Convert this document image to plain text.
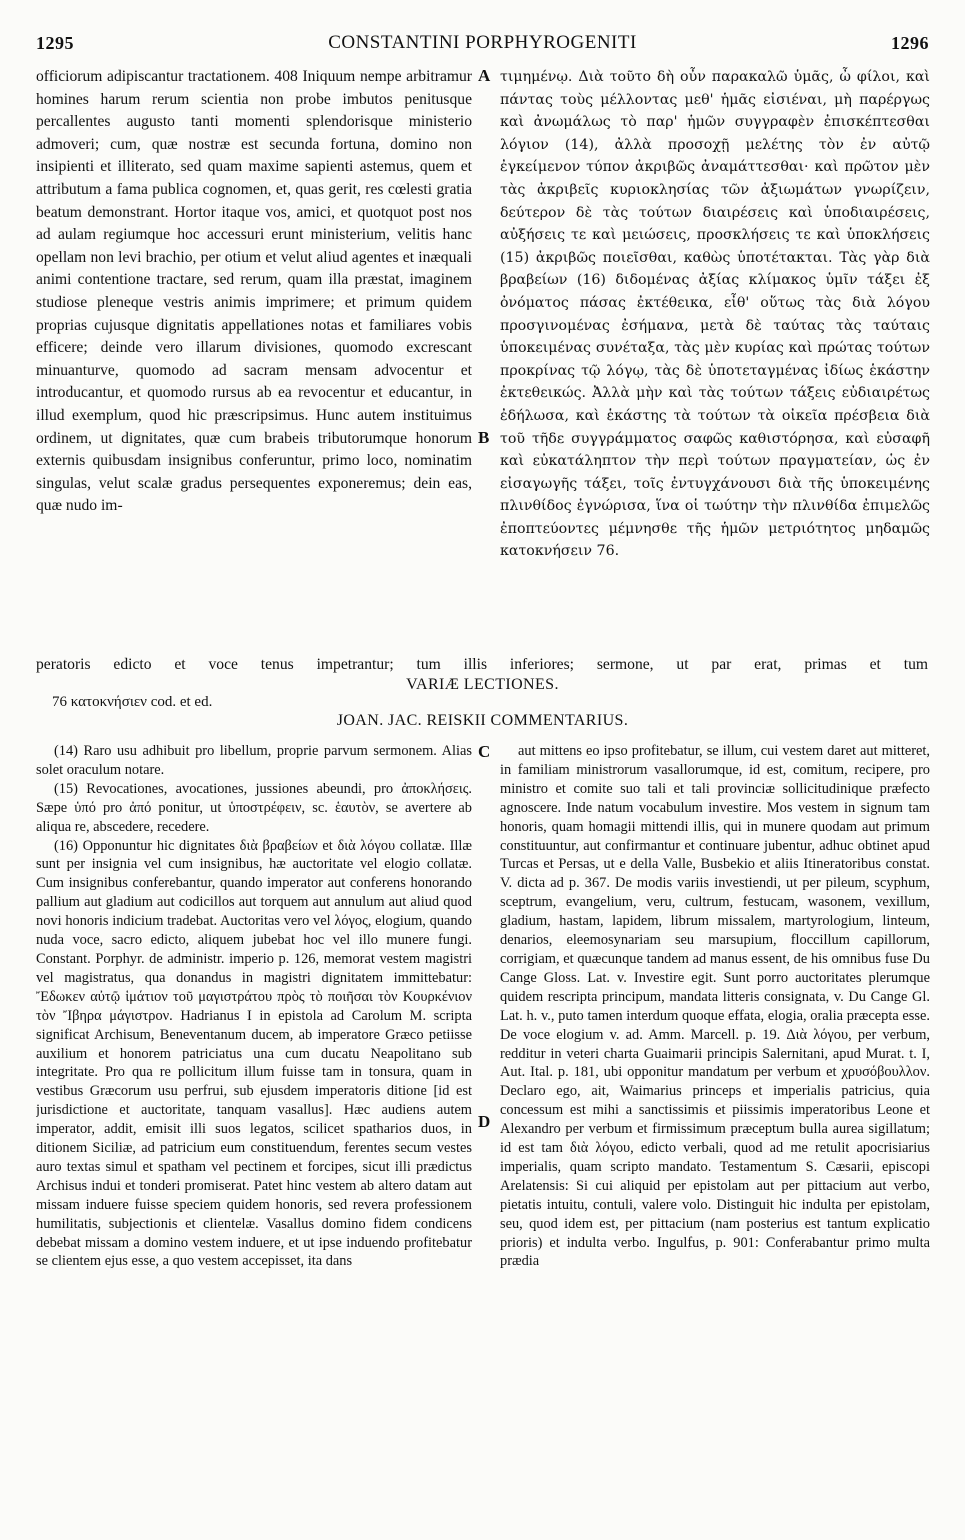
1295	CONSTANTINI PORPHYROGENITI	1296

officiorum adipiscantur tractationem. 408 Iniquum nempe arbitramur homines harum rerum scientia non probe imbutos penitusque percallentes augusto tanti momenti splendorisque ministerio admoveri; cum, quæ nostræ est secunda fortuna, domino non insipienti et illiterato, sed quam maxime sapienti astemus, quem et attributum a fama publica cognomen, et, quas gerit, res cœlesti gratia beatum demonstrant. Hortor itaque vos, amici, et quotquot post nos ad aulam regiumque hoc accessuri erunt ministerium, velitis hanc opellam non levi brachio, per otium et velut aliud agentes et inæquali animi contentione tractare, sed rerum, quam illa præstat, imaginem studiose pleneque vestris animis imprimere; et primum quidem proprias cujusque dignitatis appellationes notas et familiares vobis efficere; deinde vero illarum divisiones, quomodo excrescant minuanturve, quomodo ad sacram mensam advocentur et introducantur, et quomodo rursus ab ea revocentur et educantur, in illud exemplum, quod hic præscripsimus. Hunc autem instituimus ordinem, ut dignitates, quæ cum brabeis tributorumque honorum externis quibusdam insignibus conferuntur, primo loco, nominatim singulas, velut scalæ gradus persequentes exponeremus; dein eas, quæ nudo im-

A
B

τιμημένῳ. Διὰ τοῦτο δὴ οὖν παρακαλῶ ὑμᾶς, ὦ φίλοι, καὶ πάντας τοὺς μέλλοντας μεθ' ἡμᾶς εἰσιέναι, μὴ παρέργως καὶ ἀνωμάλως τὸ παρ' ἡμῶν συγγραφὲν ἐπισκέπτεσθαι λόγιον (14), ἀλλὰ προσοχῇ μελέτης τὸν ἐν αὐτῷ ἐγκείμενον τύπον ἀκριβῶς ἀναμάττεσθαι· καὶ πρῶτον μὲν τὰς ἀκριβεῖς κυριοκλησίας τῶν ἀξιωμάτων γνωρίζειν, δεύτερον δὲ τὰς τούτων διαιρέσεις καὶ ὑποδιαιρέσεις, αὐξήσεις τε καὶ μειώσεις, προσκλήσεις τε καὶ ὑποκλήσεις (15) ἀκριβῶς ποιεῖσθαι, καθὼς ὑποτέτακται. Τὰς γὰρ διὰ βραβείων (16) διδομένας ἀξίας κλίμακος ὑμῖν τάξει ἐξ ὀνόματος πάσας ἐκτέθεικα, εἶθ' οὕτως τὰς διὰ λόγου προσγινομένας ἐσήμανα, μετὰ δὲ ταύτας τὰς ταύταις ὑποκειμένας συνέταξα, τὰς μὲν κυρίας καὶ πρώτας τούτων προκρίνας τῷ λόγῳ, τὰς δὲ ὑποτεταγμένας ἰδίως ἑκάστην ἐκτεθεικώς. Ἀλλὰ μὴν καὶ τὰς τούτων τάξεις εὐδιαιρέτως ἐδήλωσα, καὶ ἑκάστης τὰ τούτων τὰ οἰκεῖα πρέσβεια διὰ τοῦ τῆδε συγγράμματος σαφῶς καθιστόρησα, καὶ εὐσαφῆ καὶ εὐκατάληπτον τὴν περὶ τούτων πραγματείαν, ὡς ἐν εἰσαγωγῆς τάξει, τοῖς ἐντυγχάνουσι διὰ τῆς ὑποκειμένης πλινθίδος ἐγνώρισα, ἵνα οἱ τωύτην τὴν πλινθίδα ἐπιμελῶς ἐποπτεύοντες μέμνησθε τῆς ἡμῶν μετριότητος μηδαμῶς κατοκνήσειν 76.

peratoris edicto et voce tenus impetrantur; tum illis inferiores; sermone, ut par erat, primas et tum
VARIÆ LECTIONES.
76 κατοκνήσιεν cod. et ed.
JOAN. JAC. REISKII COMMENTARIUS.

(14) Raro usu adhibuit pro libellum, proprie parvum sermonem. Alias solet oraculum notare.

(15) Revocationes, avocationes, jussiones abeundi, pro ἀποκλήσεις. Sæpe ὑπό pro ἀπό ponitur, ut ὑποστρέφειν, sc. ἑαυτὸν, se avertere ab aliqua re, abscedere, recedere.

(16) Opponuntur hic dignitates διὰ βραβείων et διὰ λόγου collatæ. Illæ sunt per insignia vel cum insignibus, hæ auctoritate vel elogio collatæ. Cum insignibus conferebantur, quando imperator aut conferens honorando pallium aut gladium aut codicillos aut torquem aut annulum aut aliud quod novi honoris indicium tradebat. Auctoritas vero vel λόγος, elogium, quando nuda voce, sacro edicto, aliquem jubebat hoc vel illo munere fungi. Constant. Porphyr. de administr. imperio p. 126, memorat vestem magistri vel magistratus, qua donandus in magistri dignitatem immittebatur: Ἔδωκεν αὐτῷ ἱμάτιον τοῦ μαγιστράτου πρὸς τὸ ποιῆσαι τὸν Κουρκένιον τὸν Ἴβηρα μάγιστρον. Hadrianus I in epistola ad Carolum M. scripta significat Archisum, Beneventanum ducem, ab imperatore Græco petiisse auxilium et honorem patriciatus una cum ducatu Neapolitano sub integritate. Pro qua re pollicitum illum fuisse tam in tonsura, quam in vestibus Græcorum usu perfrui, sub ejusdem imperatoris ditione [id est jurisdictione et auctoritate, tanquam vasallus]. Hæc audiens autem imperator, addit, emisit illi suos legatos, scilicet spatharios duos, in ditionem Siciliæ, ad patricium eum constituendum, ferentes secum vestes auro textas simul et spatham vel pectinem et forcipes, sicut illi prædictus Archisus indui et tonderi promiserat. Patet hinc vestem ab altero datam aut missam induere fuisse speciem quidem honoris, sed revera professionem humilitatis, subjectionis et clientelæ. Vasallus domino fidem condicens debebat missam a domino vestem induere, et ut ipse induendo profitebatur se clientem ejus esse, a quo vestem accepisset, ita dans

C
D

aut mittens eo ipso profitebatur, se illum, cui vestem daret aut mitteret, in familiam ministrorum vasallorumque, id est, comitum, recipere, pro ministro et comite suo tali et tali provinciæ sollicitudinique præfecto agnoscere. Inde natum vocabulum investire. Mos vestem in signum tam honoris, quam homagii mittendi illis, qui in munere quodam aut primum constituuntur, aut confirmantur et continuare jubentur, adhuc obtinet apud Turcas et Persas, ut e della Valle, Busbekio et aliis Itineratoribus constat. V. dicta ad p. 367. De modis variis investiendi, ut per pileum, scyphum, sceptrum, evangelium, veru, cultrum, festucam, wasonem, vexillum, gladium, hastam, lapidem, librum missalem, martyrologium, linteum, denarios, eleemosynariam seu marsupium, floccillum capillorum, corrigiam, et quæcunque tandem ad manus essent, de his omnibus fuse Du Cange Gloss. Lat. v. Investire egit. Sunt porro auctoritates plerumque quidem rescripta principum, mandata litteris consignata, v. Du Cange Gl. Lat. h. v., puto tamen interdum quoque effata, elogia, oralia præcepta esse. De voce elogium v. ad. Amm. Marcell. p. 19. Διὰ λόγου, per verbum, redditur in veteri charta Guaimarii principis Salernitani, apud Murat. t. I, Aut. Ital. p. 181, ubi opponitur mandatum per verbum et χρυσόβουλλον. Declaro ego, ait, Waimarius princeps et imperialis patricius, quia concessum est mihi a sanctissimis et piissimis imperatoribus Leone et Alexandro per verbum et firmissimum præceptum bulla aurea sigillatum; id est tam διὰ λόγου, edicto verbali, quod ad me retulit apocrisiarius imperialis, quam scripto mandato. Testamentum S. Cæsarii, episcopi Arelatensis: Si cui aliquid per epistolam aut per pittacium aut verbo, pietatis intuitu, contuli, valere volo. Distinguit hic indulta per epistolam, seu, quod idem est, per pittacium (nam posterius est tantum explicatio prioris) et indulta verbo. Ingulfus, p. 901: Conferabantur primo multa prædia
